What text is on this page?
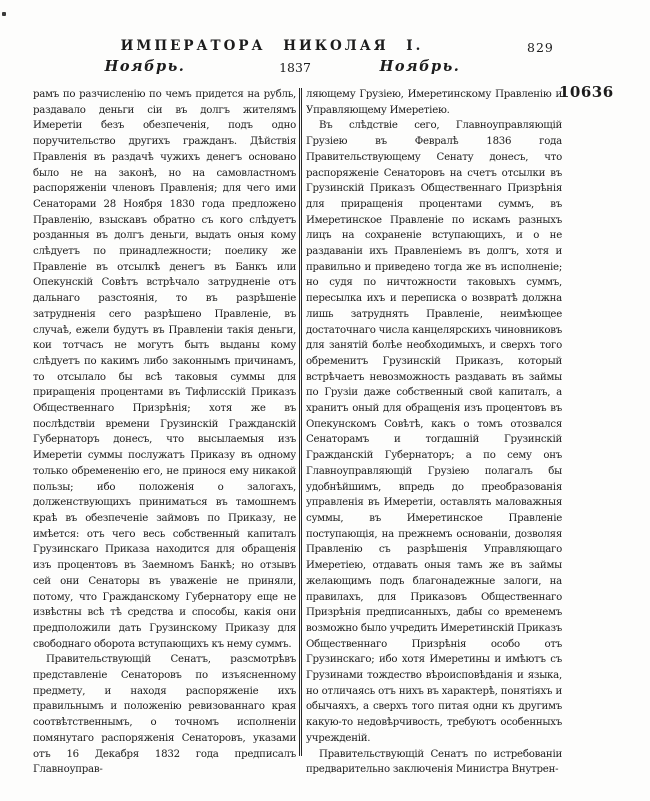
ИМПЕРАТОРА НИКОЛАЯ I.	829
Ноябрь.	1837	Ноябрь.
10636

рамъ по разчисленію по чемъ придется на рубль, раздавало деньги сіи въ долгъ жителямъ Имеретіи безъ обезпеченія, подъ одно поручительство другихъ гражданъ. Дѣйствія Правленія въ раздачѣ чужихъ денегъ основано было не на законѣ, но на самовластномъ распоряженіи членовъ Правленія; для чего ими Сенаторами 28 Ноября 1830 года предложено Правленію, взыскавъ обратно съ кого слѣдуетъ розданныя въ долгъ деньги, выдать оныя кому слѣдуетъ по принадлежности; поелику же Правленіе въ отсылкѣ денегъ въ Банкъ или Опекунскій Совѣтъ встрѣчало затрудненіе отъ дальнаго разстоянія, то въ разрѣшеніе затрудненія сего разрѣшено Правленіе, въ случаѣ, ежели будутъ въ Правленіи такія деньги, кои тотчасъ не могутъ быть выданы кому слѣдуетъ по какимъ либо законнымъ причинамъ, то отсылало бы всѣ таковыя суммы для приращенія процентами въ Тифлисскій Приказъ Общественнаго Призрѣнія; хотя же въ послѣдствіи времени Грузинскій Гражданскій Губернаторъ донесъ, что высылаемыя изъ Имеретіи суммы послужатъ Приказу въ одному только обремененію его, не принося ему никакой пользы; ибо положенія о залогахъ, долженствующихъ приниматься въ тамошнемъ краѣ въ обезпеченіе займовъ по Приказу, не имѣется: отъ чего весь собственный капиталъ Грузинскаго Приказа находится для обращенія изъ процентовъ въ Заемномъ Банкѣ; но отзывъ сей они Сенаторы въ уваженіе не приняли, потому, что Гражданскому Губернатору еще не извѣстны всѣ тѣ средства и способы, какія они предположили дать Грузинскому Приказу для свободнаго оборота вступающихъ къ нему суммъ.

Правительствующій Сенатъ, разсмотрѣвъ представленіе Сенаторовъ по изъясненному предмету, и находя распоряженіе ихъ правильнымъ и положенію ревизованнаго края соотвѣтственнымъ, о точномъ исполненіи помянутаго распоряженія Сенаторовъ, указами отъ 16 Декабря 1832 года предписалъ Главноуправ-

ляющему Грузіею, Имеретинскому Правленію и Управляющему Имеретіею.

Въ слѣдствіе сего, Главноуправляющій Грузіею въ Февралѣ 1836 года Правительствующему Сенату донесъ, что распоряженіе Сенаторовъ на счетъ отсылки въ Грузинскій Приказъ Общественнаго Призрѣнія для приращенія процентами суммъ, въ Имеретинское Правленіе по искамъ разныхъ лицъ на сохраненіе вступающихъ, и о не раздаваніи ихъ Правленіемъ въ долгъ, хотя и правильно и приведено тогда же въ исполненіе; но судя по ничтожности таковыхъ суммъ, пересылка ихъ и переписка о возвратѣ должна лишь затруднять Правленіе, неимѣющее достаточнаго числа канцелярскихъ чиновниковъ для занятій болѣе необходимыхъ, и сверхъ того обременитъ Грузинскій Приказъ, который встрѣчаетъ невозможность раздавать въ займы по Грузіи даже собственный свой капиталъ, а хранитъ оный для обращенія изъ процентовъ въ Опекунскомъ Совѣтѣ, какъ о томъ отозвался Сенаторамъ и тогдашній Грузинскій Гражданскій Губернаторъ; а по сему онъ Главноуправляющій Грузіею полагалъ бы удобнѣйшимъ, впредь до преобразованія управленія въ Имеретіи, оставлять маловажныя суммы, въ Имеретинское Правленіе поступающія, на прежнемъ основаніи, дозволяя Правленію съ разрѣшенія Управляющаго Имеретіею, отдавать оныя тамъ же въ займы желающимъ подъ благонадежные залоги, на правилахъ, для Приказовъ Общественнаго Призрѣнія предписанныхъ, дабы со временемъ возможно было учредить Имеретинскій Приказъ Общественнаго Призрѣнія особо отъ Грузинскаго; ибо хотя Имеретины и имѣютъ съ Грузинами тождество вѣроисповѣданія и языка, но отличаясь отъ нихъ въ характерѣ, понятіяхъ и обычаяхъ, а сверхъ того питая одни къ другимъ какую-то недовѣрчивость, требуютъ особенныхъ учрежденій.

Правительствующій Сенатъ по истребованіи предварительно заключенія Министра Внутрен-
